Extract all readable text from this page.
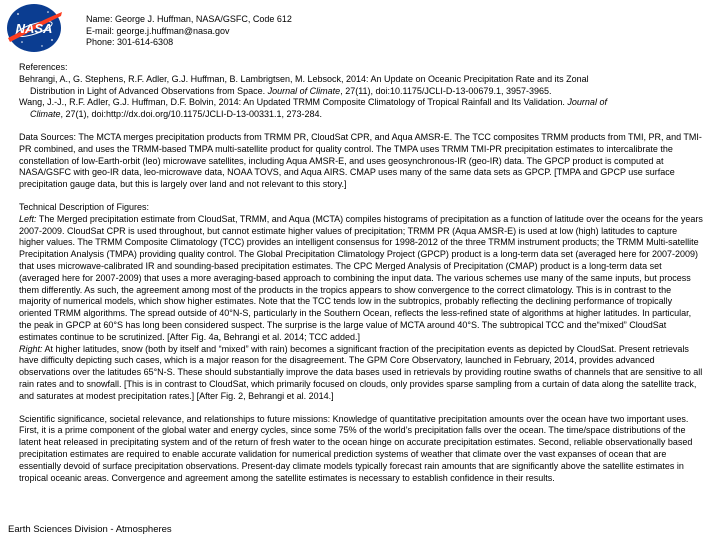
NASA
Name: George J. Huffman, NASA/GSFC, Code 612
E-mail: george.j.huffman@nasa.gov
Phone: 301-614-6308

References:

Behrangi, A., G. Stephens, R.F. Adler, G.J. Huffman, B. Lambrigtsen, M. Lebsock, 2014: An Update on Oceanic Precipitation Rate and its Zonal
Distribution in Light of Advanced Observations from Space. Journal of Climate, 27(11), doi:10.1175/JCLI-D-13-00679.1, 3957-3965.

Wang, J.-J., R.F. Adler, G.J. Huffman, D.F. Bolvin, 2014: An Updated TRMM Composite Climatology of Tropical Rainfall and Its Validation. Journal of
Climate, 27(1), doi:http://dx.doi.org/10.1175/JCLI-D-13-00331.1, 273-284.

Data Sources: The MCTA merges precipitation products from TRMM PR, CloudSat CPR, and Aqua AMSR-E. The TCC composites TRMM products from TMI, PR, and TMI-PR combined, and uses the TRMM-based TMPA multi-satellite product for quality control. The TMPA uses TRMM TMI-PR precipitation estimates to intercalibrate the constellation of low-Earth-orbit (leo) microwave satellites, including Aqua AMSR-E, and uses geosynchronous-IR (geo-IR) data. The GPCP product is computed at NASA/GSFC with geo-IR data, leo-microwave data, NOAA TOVS, and Aqua AIRS. CMAP uses many of the same data sets as GPCP. [TMPA and GPCP use surface precipitation gauge data, but this is largely over land and not relevant to this story.]

Technical Description of Figures:

Left: The Merged precipitation estimate from CloudSat, TRMM, and Aqua (MCTA) compiles histograms of precipitation as a function of latitude over the oceans for the years 2007-2009. CloudSat CPR is used throughout, but cannot estimate higher values of precipitation; TRMM PR (Aqua AMSR-E) is used at low (high) latitudes to capture higher values. The TRMM Composite Climatology (TCC) provides an intelligent consensus for 1998-2012 of the three TRMM instrument products; the TRMM Multi-satellite Precipitation Analysis (TMPA) providing quality control. The Global Precipitation Climatology Project (GPCP) product is a long-term data set (averaged here for 2007-2009) that uses microwave-calibrated IR and sounding-based precipitation estimates. The CPC Merged Analysis of Precipitation (CMAP) product is a long-term data set (averaged here for 2007-2009) that uses a more averaging-based approach to combining the input data. The various schemes use many of the same inputs, but process them differently. As such, the agreement among most of the products in the tropics appears to show convergence to the correct climatology. This is in contrast to the majority of numerical models, which show higher estimates. Note that the TCC tends low in the subtropics, probably reflecting the declining performance of tropically oriented TRMM algorithms. The spread outside of 40°N-S, particularly in the Southern Ocean, reflects the less-refined state of algorithms at higher latitudes. In particular, the peak in GPCP at 60°S has long been considered suspect. The surprise is the large value of MCTA around 40°S. The subtropical TCC and the“mixed” CloudSat estimates continue to be scrutinized. [After Fig. 4a, Behrangi et al. 2014; TCC added.]

Right: At higher latitudes, snow (both by itself and “mixed” with rain) becomes a significant fraction of the precipitation events as depicted by CloudSat. Present retrievals have difficulty depicting such cases, which is a major reason for the disagreement. The GPM Core Observatory, launched in February, 2014, provides advanced observations over the latitudes 65°N-S. These should substantially improve the data bases used in retrievals by providing routine swaths of channels that are sensitive to all rain rates and to snowfall. [This is in contrast to CloudSat, which primarily focused on clouds, only provides sparse sampling from a curtain of data along the satellite track, and saturates at modest precipitation rates.] [After Fig. 2, Behrangi et al. 2014.]

Scientific significance, societal relevance, and relationships to future missions: Knowledge of quantitative precipitation amounts over the ocean have two important uses. First, it is a prime component of the global water and energy cycles, since some 75% of the world’s precipitation falls over the ocean. The time/space distributions of the latent heat released in precipitating system and of the return of fresh water to the ocean hinge on accurate precipitation estimates. Second, reliable observationally based precipitation estimates are required to enable accurate validation for numerical prediction systems of weather that climate over the vast expanses of ocean that are essentially devoid of surface precipitation observations. Present-day climate models typically forecast rain amounts that are significantly above the satellite estimates in tropical oceanic areas. Convergence and agreement among the satellite estimates is necessary to establish confidence in their results.

Earth Sciences Division - Atmospheres
